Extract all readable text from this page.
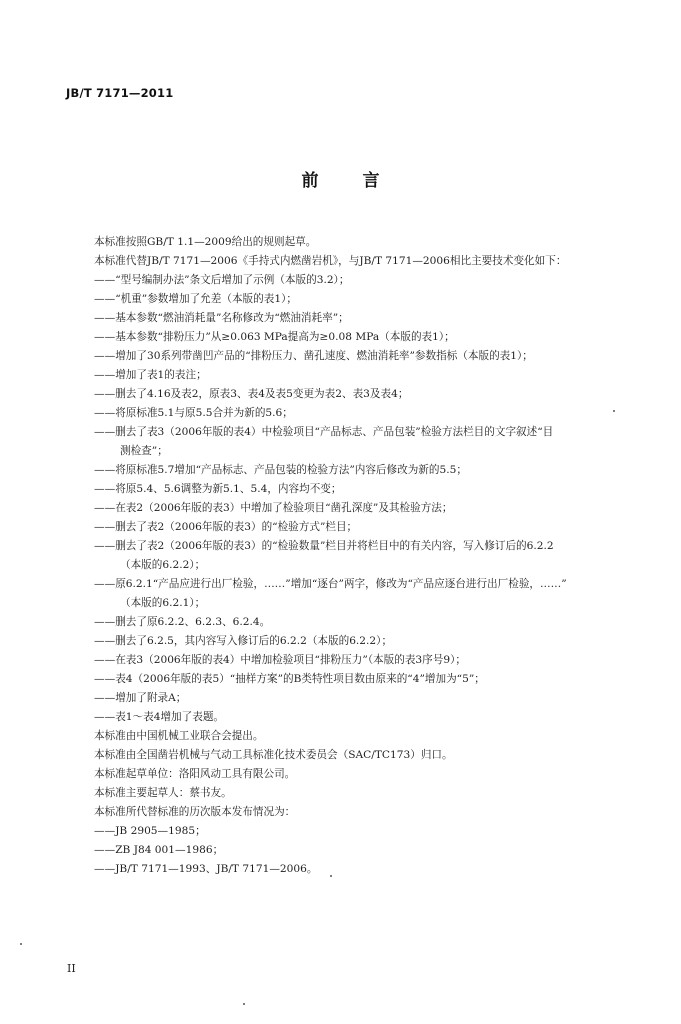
JB/T 7171—2011
前	言
本标准按照GB/T 1.1—2009给出的规则起草。
本标准代替JB/T 7171—2006《手持式内燃凿岩机》，与JB/T 7171—2006相比主要技术变化如下：
——“型号编制办法”条文后增加了示例（本版的3.2）；
——“机重”参数增加了允差（本版的表1）；
——基本参数“燃油消耗量”名称修改为“燃油消耗率”；
——基本参数“排粉压力”从≥0.063 MPa提高为≥0.08 MPa（本版的表1）；
——增加了30系列带凿凹产品的“排粉压力、凿孔速度、燃油消耗率”参数指标（本版的表1）；
——增加了表1的表注；
——删去了4.16及表2，原表3、表4及表5变更为表2、表3及表4；
——将原标准5.1与原5.5合并为新的5.6；
——删去了表3（2006年版的表4）中检验项目“产品标志、产品包装”检验方法栏目的文字叙述“目
测检查”；
——将原标准5.7增加“产品标志、产品包装的检验方法”内容后修改为新的5.5；
——将原5.4、5.6调整为新5.1、5.4，内容均不变；
——在表2（2006年版的表3）中增加了检验项目“凿孔深度”及其检验方法；
——删去了表2（2006年版的表3）的“检验方式”栏目；
——删去了表2（2006年版的表3）的“检验数量”栏目并将栏目中的有关内容，写入修订后的6.2.2
（本版的6.2.2）；
——原6.2.1“产品应进行出厂检验，……”增加“逐台”两字，修改为“产品应逐台进行出厂检验，……”
（本版的6.2.1）；
——删去了原6.2.2、6.2.3、6.2.4。
——删去了6.2.5，其内容写入修订后的6.2.2（本版的6.2.2）；
——在表3（2006年版的表4）中增加检验项目“排粉压力”（本版的表3序号9）；
——表4（2006年版的表5）“抽样方案”的B类特性项目数由原来的“4”增加为“5”；
——增加了附录A；
——表1～表4增加了表题。
本标准由中国机械工业联合会提出。
本标准由全国凿岩机械与气动工具标准化技术委员会（SAC/TC173）归口。
本标准起草单位：洛阳风动工具有限公司。
本标准主要起草人：蔡书友。
本标准所代替标准的历次版本发布情况为：
——JB 2905—1985；
——ZB J84 001—1986；
——JB/T 7171—1993、JB/T 7171—2006。
II
